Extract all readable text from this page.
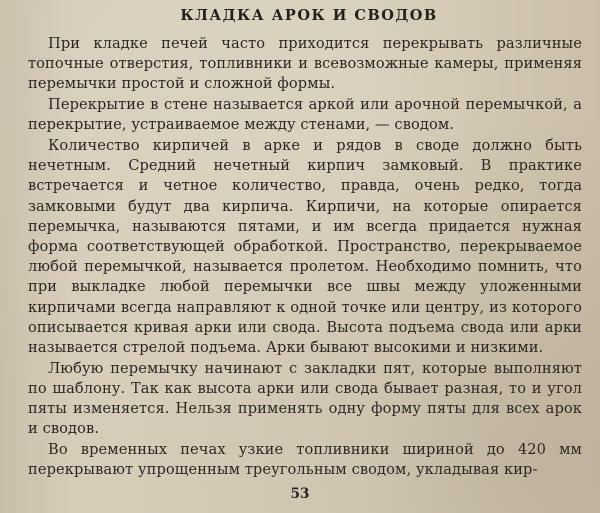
КЛАДКА АРОК И СВОДОВ

При кладке печей часто приходится перекрывать различные топочные отверстия, топливники и всевозможные камеры, применяя перемычки простой и сложной формы.

Перекрытие в стене называется аркой или арочной перемычкой, а перекрытие, устраиваемое между стенами, — сводом.

Количество кирпичей в арке и рядов в своде должно быть нечетным. Средний нечетный кирпич замковый. В практике встречается и четное количество, правда, очень редко, тогда замковыми будут два кирпича. Кирпичи, на которые опирается перемычка, называются пятами, и им всегда придается нужная форма соответствующей обработкой. Пространство, перекрываемое любой перемычкой, называется пролетом. Необходимо помнить, что при выкладке любой перемычки все швы между уложенными кирпичами всегда направляют к одной точке или центру, из которого описывается кривая арки или свода. Высота подъема свода или арки называется стрелой подъема. Арки бывают высокими и низкими.

Любую перемычку начинают с закладки пят, которые выполняют по шаблону. Так как высота арки или свода бывает разная, то и угол пяты изменяется. Нельзя применять одну форму пяты для всех арок и сводов.

Во временных печах узкие топливники шириной до 420 мм перекрывают упрощенным треугольным сводом, укладывая кир-

53
